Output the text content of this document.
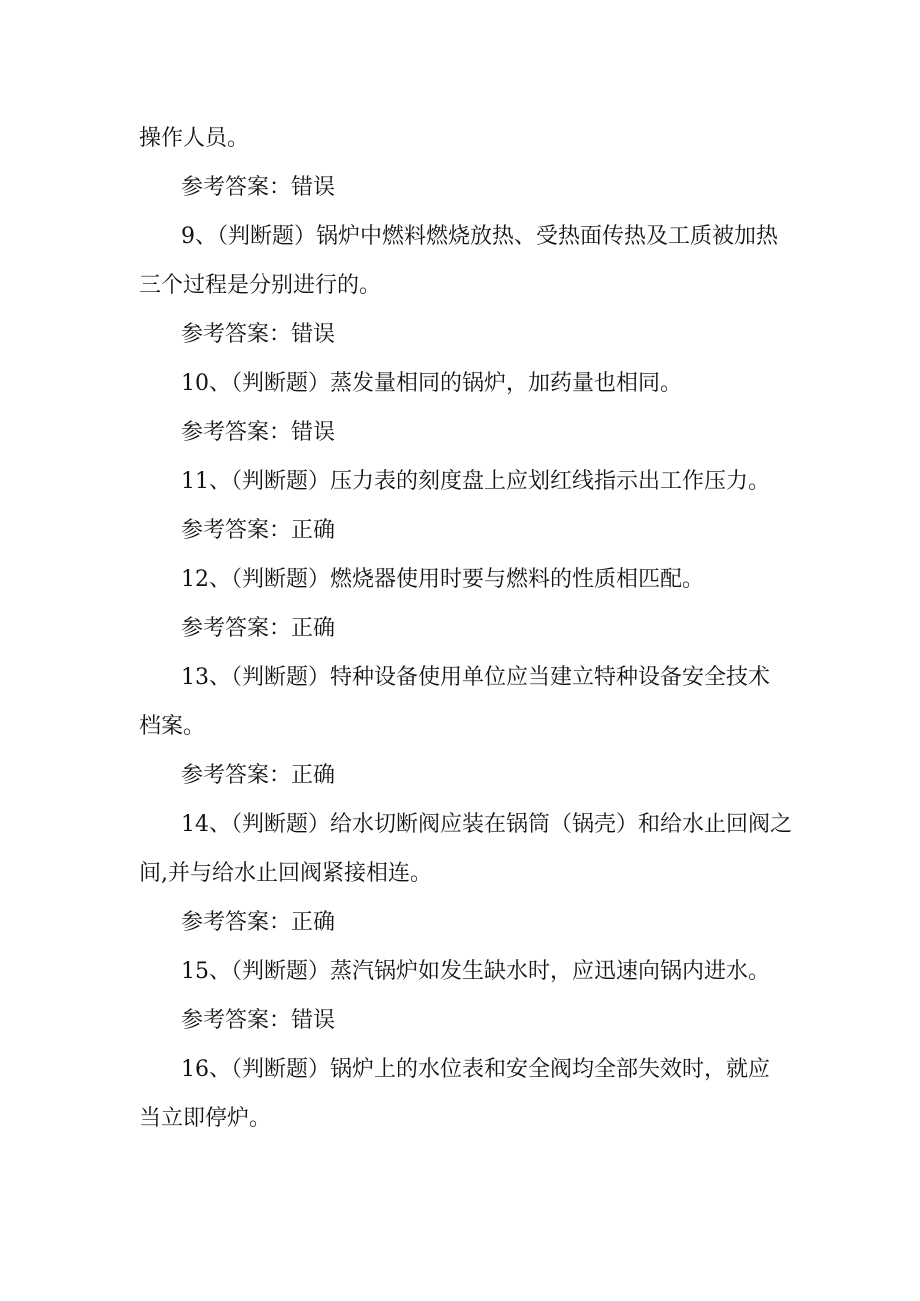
操作人员。
参考答案：错误
9、（判断题）锅炉中燃料燃烧放热、受热面传热及工质被加热
三个过程是分别进行的。
参考答案：错误
10、（判断题）蒸发量相同的锅炉，加药量也相同。
参考答案：错误
11、（判断题）压力表的刻度盘上应划红线指示出工作压力。
参考答案：正确
12、（判断题）燃烧器使用时要与燃料的性质相匹配。
参考答案：正确
13、（判断题）特种设备使用单位应当建立特种设备安全技术
档案。
参考答案：正确
14、（判断题）给水切断阀应装在锅筒（锅壳）和给水止回阀之
间,并与给水止回阀紧接相连。
参考答案：正确
15、（判断题）蒸汽锅炉如发生缺水时，应迅速向锅内进水。
参考答案：错误
16、（判断题）锅炉上的水位表和安全阀均全部失效时，就应
当立即停炉。
